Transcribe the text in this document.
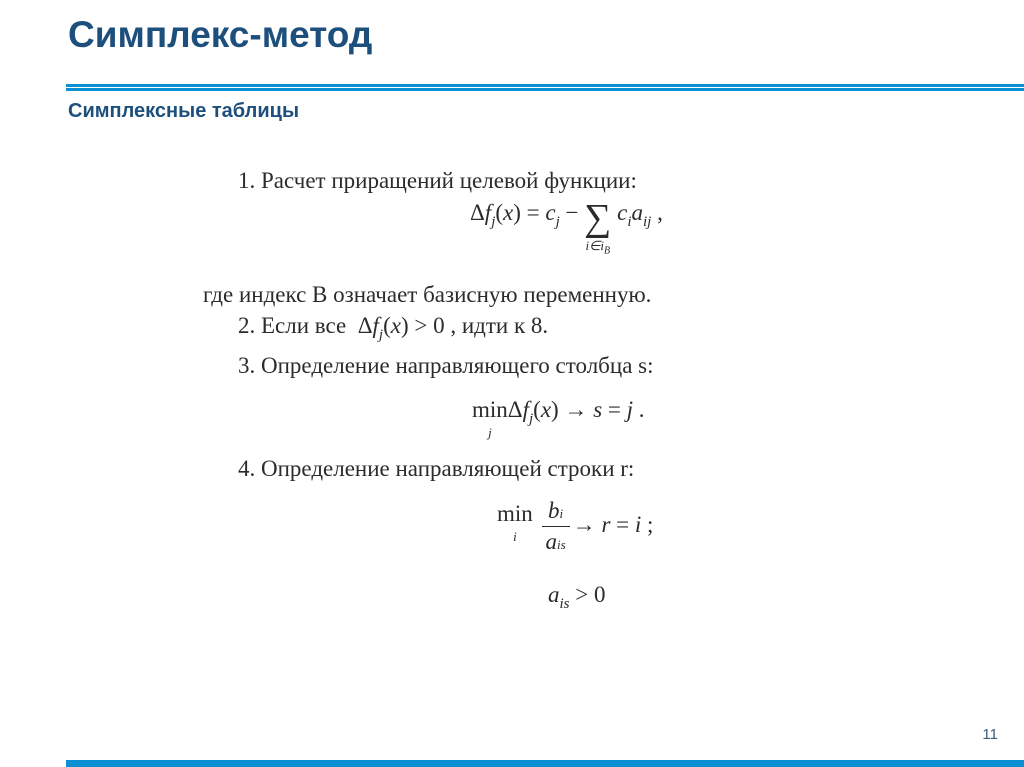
Симплекс-метод
Симплексные таблицы
1. Расчет приращений целевой функции:
$\Delta f_j(x) = c_j$ − ∑
$i\in i_B$ $c_ia_{ij}$ ,
где индекс B означает базисную переменную.
2. Если все  $\Delta f_j(x) > 0$ , идти к 8.
3. Определение направляющего столбца s:
min
$^j\Delta f_j(x) \to s = j$ .
4. Определение направляющей строки r:
min
$^i \frac{bi}{\text{ais}} \to r = i$ ;
$a_{is} > 0$
11
